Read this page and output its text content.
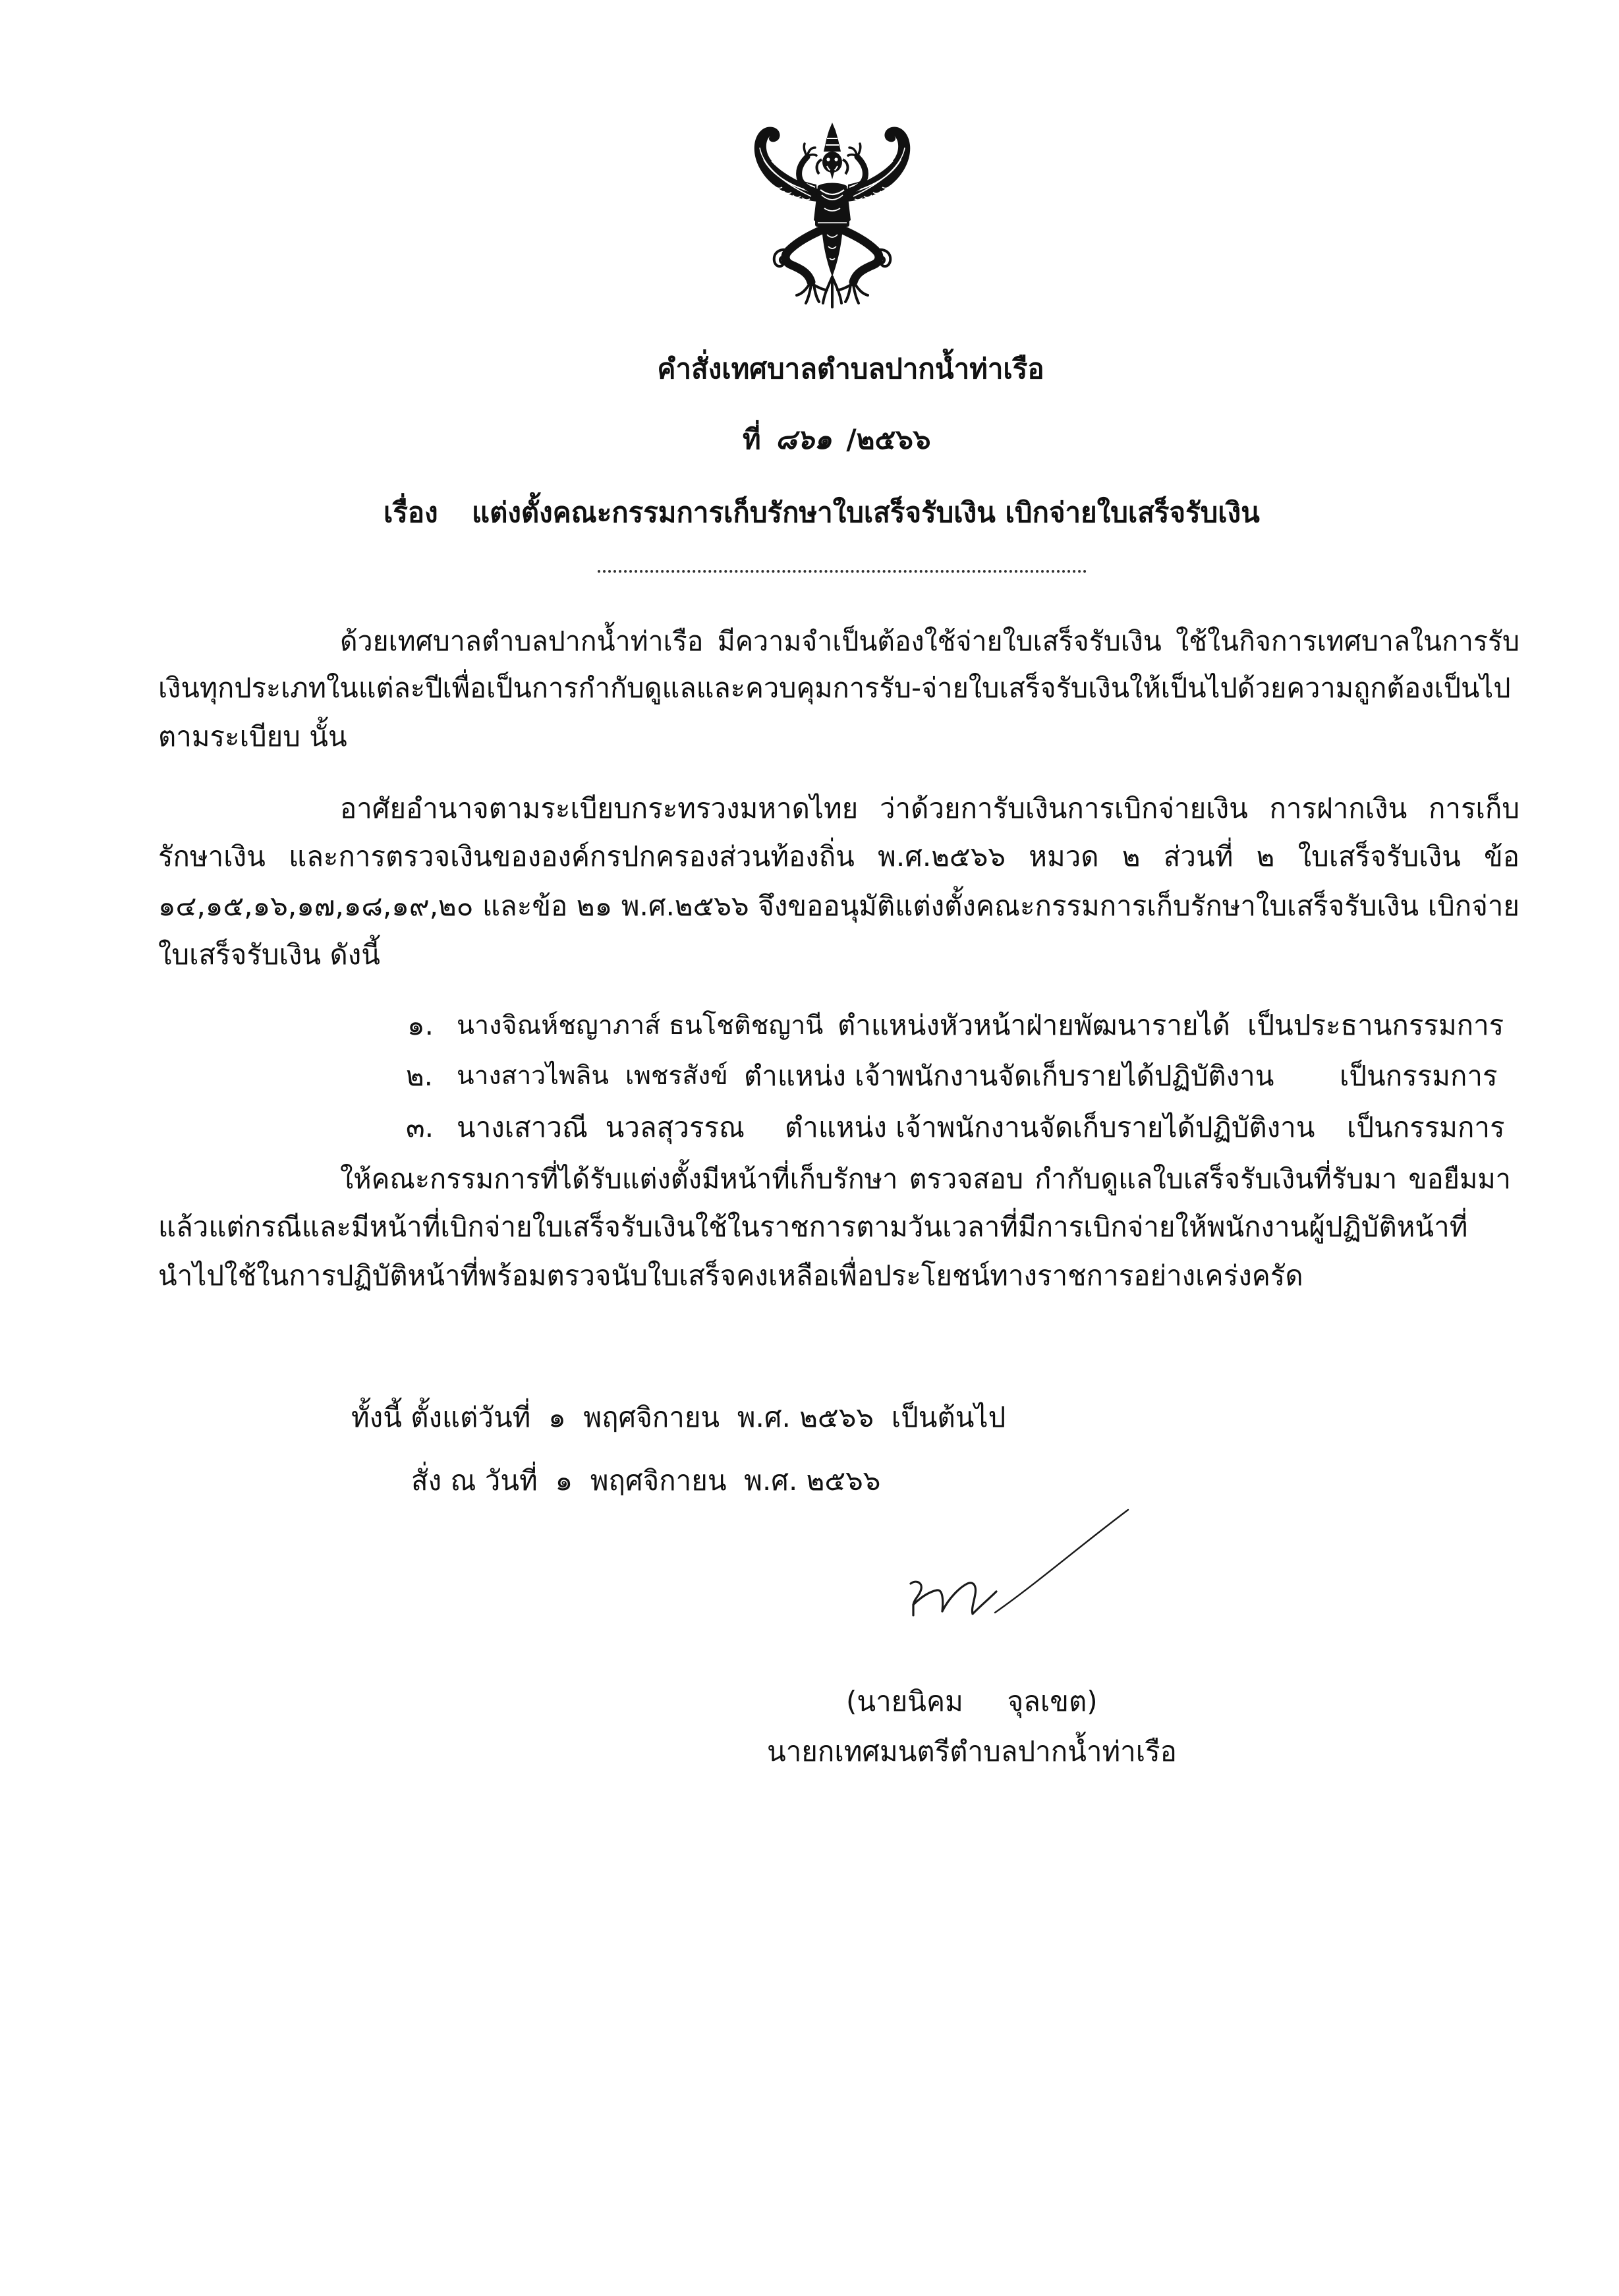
คำสั่งเทศบาลตำบลปากน้ำท่าเรือ
ที่ ๘๖๑ /๒๕๖๖
เรื่อง	แต่งตั้งคณะกรรมการเก็บรักษาใบเสร็จรับเงิน เบิกจ่ายใบเสร็จรับเงิน
ด้วยเทศบาลตำบลปากน้ำท่าเรือ มีความจำเป็นต้องใช้จ่ายใบเสร็จรับเงิน ใช้ในกิจการเทศบาลในการรับ
เงินทุกประเภทในแต่ละปีเพื่อเป็นการกำกับดูแลและควบคุมการรับ-จ่ายใบเสร็จรับเงินให้เป็นไปด้วยความถูกต้องเป็นไป
ตามระเบียบ นั้น
อาศัยอำนาจตามระเบียบกระทรวงมหาดไทย ว่าด้วยการับเงินการเบิกจ่ายเงิน การฝากเงิน การเก็บ
รักษาเงิน และการตรวจเงินขององค์กรปกครองส่วนท้องถิ่น พ.ศ.๒๕๖๖ หมวด ๒ ส่วนที่ ๒ ใบเสร็จรับเงิน ข้อ
๑๔,๑๕,๑๖,๑๗,๑๘,๑๙,๒๐ และข้อ ๒๑ พ.ศ.๒๕๖๖ จึงขออนุมัติแต่งตั้งคณะกรรมการเก็บรักษาใบเสร็จรับเงิน เบิกจ่าย
ใบเสร็จรับเงิน ดังนี้
๑. นางจิณห์ชญาภาส์ ธนโชติชญานี ตำแหน่งหัวหน้าฝ่ายพัฒนารายได้ เป็นประธานกรรมการ
๒. นางสาวไพลิน  เพชรสังข์ ตำแหน่ง เจ้าพนักงานจัดเก็บรายได้ปฏิบัติงาน	เป็นกรรมการ
๓. นางเสาวณี  นวลสุวรรณ	ตำแหน่ง เจ้าพนักงานจัดเก็บรายได้ปฏิบัติงาน	เป็นกรรมการ
ให้คณะกรรมการที่ได้รับแต่งตั้งมีหน้าที่เก็บรักษา ตรวจสอบ กำกับดูแลใบเสร็จรับเงินที่รับมา ขอยืมมา
แล้วแต่กรณีและมีหน้าที่เบิกจ่ายใบเสร็จรับเงินใช้ในราชการตามวันเวลาที่มีการเบิกจ่ายให้พนักงานผู้ปฏิบัติหน้าที่
นำไปใช้ในการปฏิบัติหน้าที่พร้อมตรวจนับใบเสร็จคงเหลือเพื่อประโยชน์ทางราชการอย่างเคร่งครัด
ทั้งนี้ ตั้งแต่วันที่  ๑  พฤศจิกายน  พ.ศ. ๒๕๖๖  เป็นต้นไป
สั่ง ณ วันที่  ๑  พฤศจิกายน  พ.ศ. ๒๕๖๖
(นายนิคม     จุลเขต)
นายกเทศมนตรีตำบลปากน้ำท่าเรือ
